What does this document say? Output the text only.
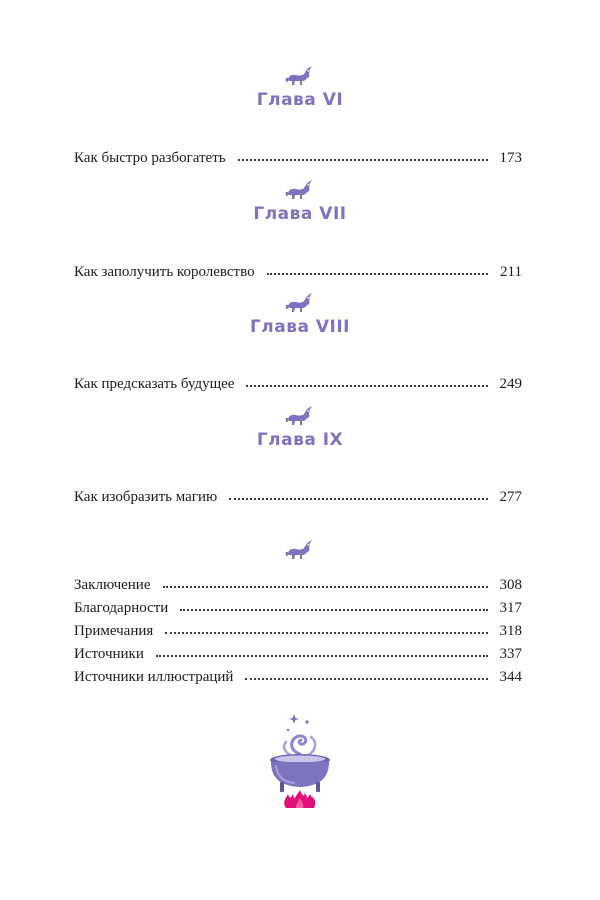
Глава VI
Как быстро разбогатеть	173
Глава VII
Как заполучить королевство	211
Глава VIII
Как предсказать будущее	249
Глава IX
Как изобразить магию	277
Заключение	308
Благодарности	317
Примечания	318
Источники	337
Источники иллюстраций	344
